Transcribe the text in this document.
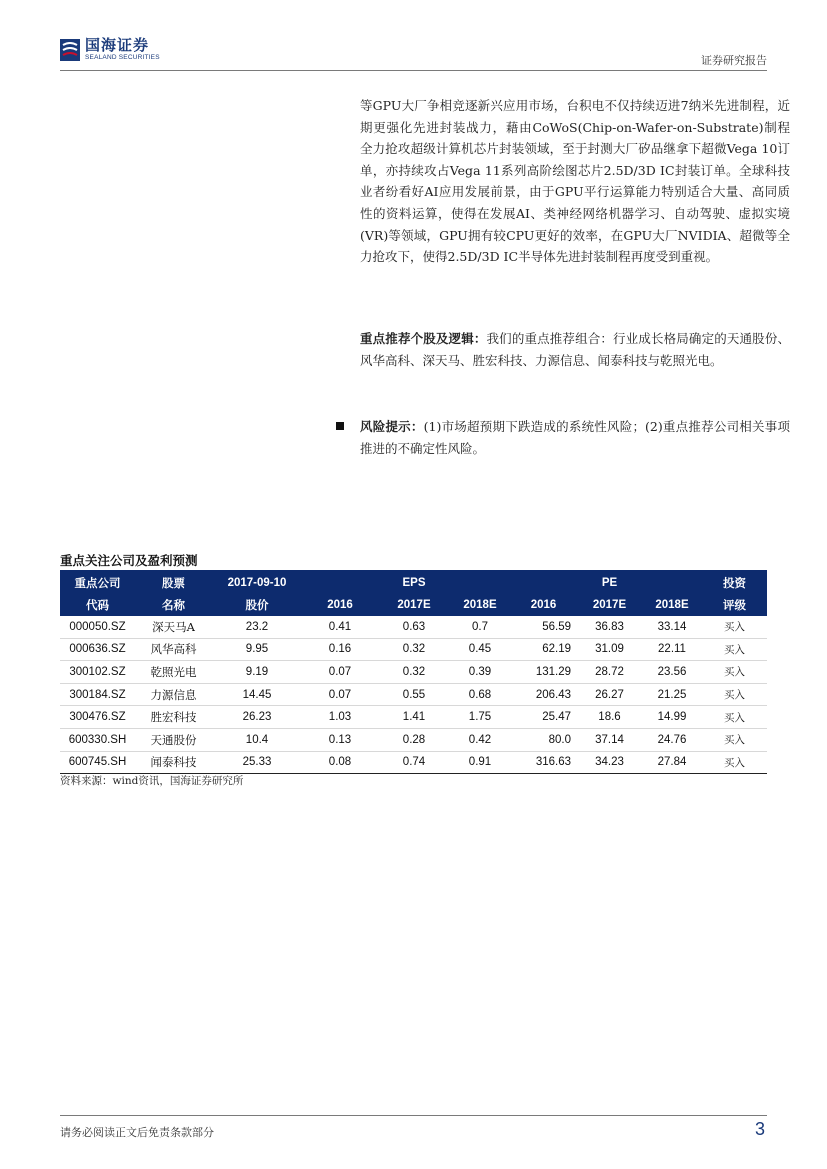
国海证券
SEALAND SECURITIES	证券研究报告
等GPU大厂争相竞逐新兴应用市场，台积电不仅持续迈进7纳米先进制程，近期更强化先进封装战力，藉由CoWoS(Chip-on-Wafer-on-Substrate)制程全力抢攻超级计算机芯片封装领域，至于封测大厂矽品继拿下超微Vega 10订单，亦持续攻占Vega 11系列高阶绘图芯片2.5D/3D IC封装订单。全球科技业者纷看好AI应用发展前景，由于GPU平行运算能力特别适合大量、高同质性的资料运算，使得在发展AI、类神经网络机器学习、自动驾驶、虚拟实境(VR)等领域，GPU拥有较CPU更好的效率，在GPU大厂NVIDIA、超微等全力抢攻下，使得2.5D/3D IC半导体先进封装制程再度受到重视。
重点推荐个股及逻辑：我们的重点推荐组合：行业成长格局确定的天通股份、风华高科、深天马、胜宏科技、力源信息、闻泰科技与乾照光电。
风险提示：(1)市场超预期下跌造成的系统性风险；(2)重点推荐公司相关事项推进的不确定性风险。
重点关注公司及盈利预测
重点公司	股票	2017-09-10		EPS			PE		投资
代码	名称	股价	2016	2017E	2018E	2016	2017E	2018E	评级
000050.SZ	深天马A	23.2	0.41	0.63	0.7	56.59	36.83	33.14	买入
000636.SZ	风华高科	9.95	0.16	0.32	0.45	62.19	31.09	22.11	买入
300102.SZ	乾照光电	9.19	0.07	0.32	0.39	131.29	28.72	23.56	买入
300184.SZ	力源信息	14.45	0.07	0.55	0.68	206.43	26.27	21.25	买入
300476.SZ	胜宏科技	26.23	1.03	1.41	1.75	25.47	18.6	14.99	买入
600330.SH	天通股份	10.4	0.13	0.28	0.42	80.0	37.14	24.76	买入
600745.SH	闻泰科技	25.33	0.08	0.74	0.91	316.63	34.23	27.84	买入
资料来源：wind资讯，国海证券研究所
请务必阅读正文后免责条款部分	3
